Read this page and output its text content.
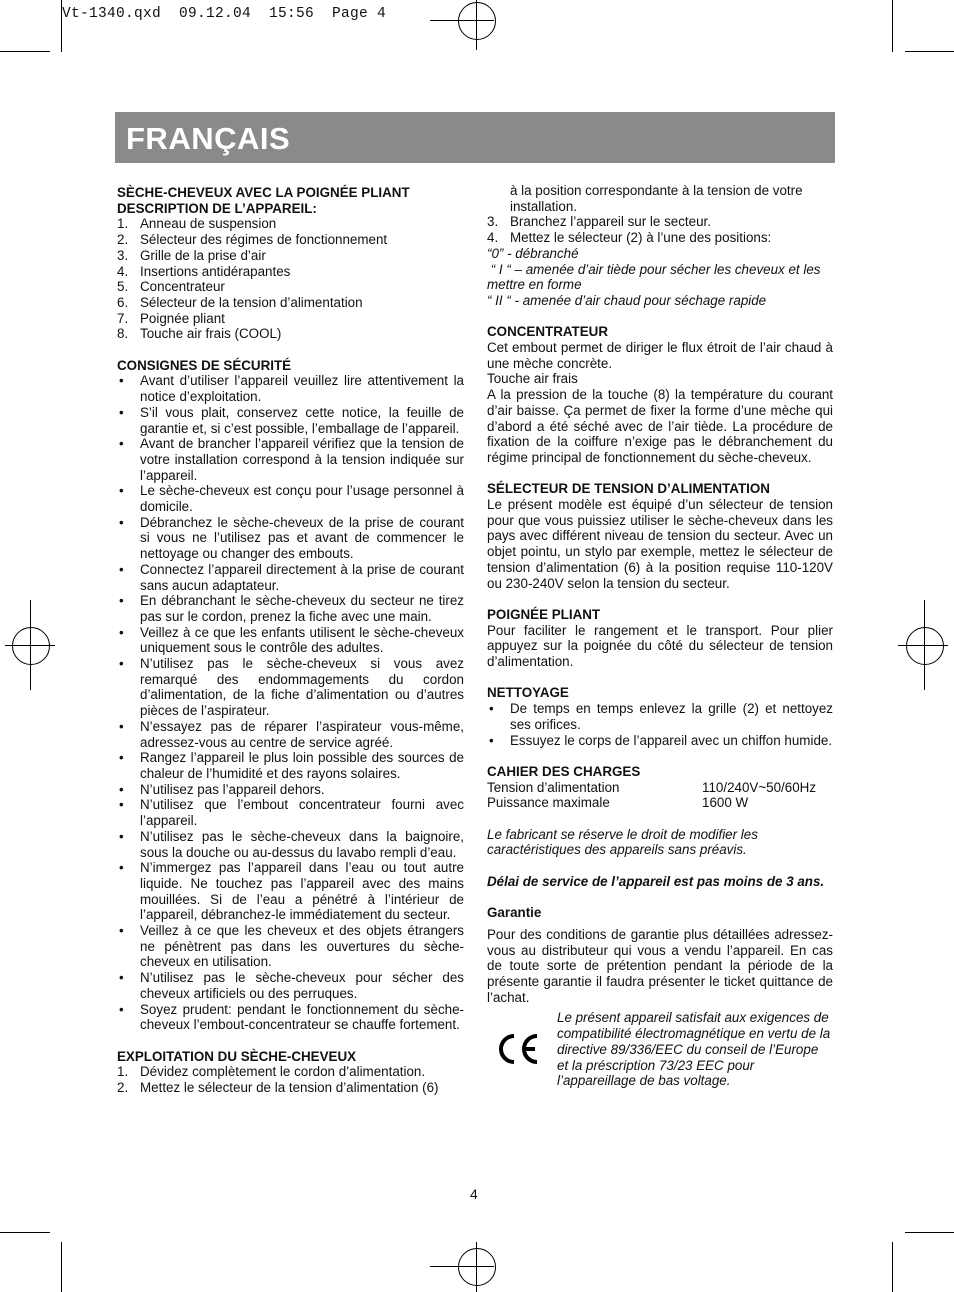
Vt-1340.qxd  09.12.04  15:56  Page 4
FRANÇAIS
SÈCHE-CHEVEUX AVEC LA POIGNÉE PLIANT
DESCRIPTION DE L’APPAREIL:
1. Anneau de suspension
2. Sélecteur des régimes de fonctionnement
3. Grille de la prise d’air
4. Insertions antidérapantes
5. Concentrateur
6. Sélecteur de la tension d’alimentation
7. Poignée pliant
8. Touche air frais (COOL)
CONSIGNES DE SÉCURITÉ
• Avant d’utiliser l’appareil veuillez lire attentivement la notice d’exploitation.
• S’il vous plait, conservez cette notice, la feuille de garantie et, si c’est possible, l’emballage de l’appareil.
• Avant de brancher l’appareil vérifiez que la tension de votre installation correspond à la tension indiquée sur l’appareil.
• Le sèche-cheveux est conçu pour l’usage personnel à domicile.
• Débranchez le sèche-cheveux de la prise de courant si vous ne l’utilisez pas et avant de commencer le nettoyage ou changer des embouts.
• Connectez l’appareil directement à la prise de courant sans aucun adaptateur.
• En débranchant le sèche-cheveux du secteur ne tirez pas sur le cordon, prenez la fiche avec une main.
• Veillez à ce que les enfants utilisent le sèche-cheveux uniquement sous le contrôle des adultes.
• N’utilisez pas le sèche-cheveux si vous avez remarqué des endommagements du cordon d’alimentation, de la fiche d’alimentation ou d’autres pièces de l’aspirateur.
• N’essayez pas de réparer l’aspirateur vous-même, adressez-vous au centre de service agréé.
• Rangez l’appareil le plus loin possible des sources de chaleur de l’humidité et des rayons solaires.
• N’utilisez pas l’appareil dehors.
• N’utilisez que l’embout concentrateur fourni avec l’appareil.
• N’utilisez pas le sèche-cheveux dans la baignoire, sous la douche ou au-dessus du lavabo rempli d’eau.
• N’immergez pas l’appareil dans l’eau ou tout autre liquide. Ne touchez pas l’appareil avec des mains mouillées. Si de l’eau a pénétré à l’intérieur de l’appareil, débranchez-le immédiatement du secteur.
• Veillez à ce que les cheveux et des objets étrangers ne pénètrent pas dans les ouvertures du sèche-cheveux en utilisation.
• N’utilisez pas le sèche-cheveux pour sécher des cheveux artificiels ou des perruques.
• Soyez prudent: pendant le fonctionnement du sèche-cheveux l’embout-concentrateur se chauffe fortement.
EXPLOITATION DU SÈCHE-CHEVEUX
1. Dévidez complètement le cordon d’alimentation.
2. Mettez le sélecteur de la tension d’alimentation (6)
à la position correspondante à la tension de votre installation.
3. Branchez l’appareil sur le secteur.
4. Mettez le sélecteur (2) à l’une des positions:
“0” - débranché
“ I “ – amenée d’air tiède pour sécher les cheveux et les mettre en forme
“ II “ - amenée d’air chaud pour séchage rapide
CONCENTRATEUR
Cet embout permet de diriger le flux étroit de l’air chaud à une mèche concrète.
Touche air frais
A la pression de la touche (8) la température du courant d’air baisse. Ça permet de fixer la forme d’une mèche qui d’abord a été séché avec de l’air tiède. La procédure de fixation de la coiffure n’exige pas le débranchement du régime principal de fonctionnement du sèche-cheveux.
SÉLECTEUR DE TENSION D’ALIMENTATION
Le présent modèle est équipé d’un sélecteur de tension pour que vous puissiez utiliser le sèche-cheveux dans les pays avec différent niveau de tension du secteur. Avec un objet pointu, un stylo par exemple, mettez le sélecteur de tension d’alimentation (6) à la position requise 110-120V ou 230-240V selon la tension du secteur.
POIGNÉE PLIANT
Pour faciliter le rangement et le transport. Pour plier appuyez sur la poignée du côté du sélecteur de tension d’alimentation.
NETTOYAGE
• De temps en temps enlevez la grille (2) et nettoyez ses orifices.
• Essuyez le corps de l’appareil avec un chiffon humide.
CAHIER DES CHARGES
Tension d’alimentation	110/240V~50/60Hz
Puissance maximale	1600 W
Le fabricant se réserve le droit de modifier les caractéristiques des appareils sans préavis.
Délai de service de l’appareil est pas moins de 3 ans.
Garantie
Pour des conditions de garantie plus détaillées adressez-vous au distributeur qui vous a vendu l’appareil. En cas de toute sorte de prétention pendant la période de la présente garantie il faudra présenter le ticket quittance de l’achat.
Le présent appareil satisfait aux exigences de compatibilité électromagnétique en vertu de la directive 89/336/EEC du conseil de l’Europe et la préscription 73/23 EEC pour l’appareillage de bas voltage.
4
